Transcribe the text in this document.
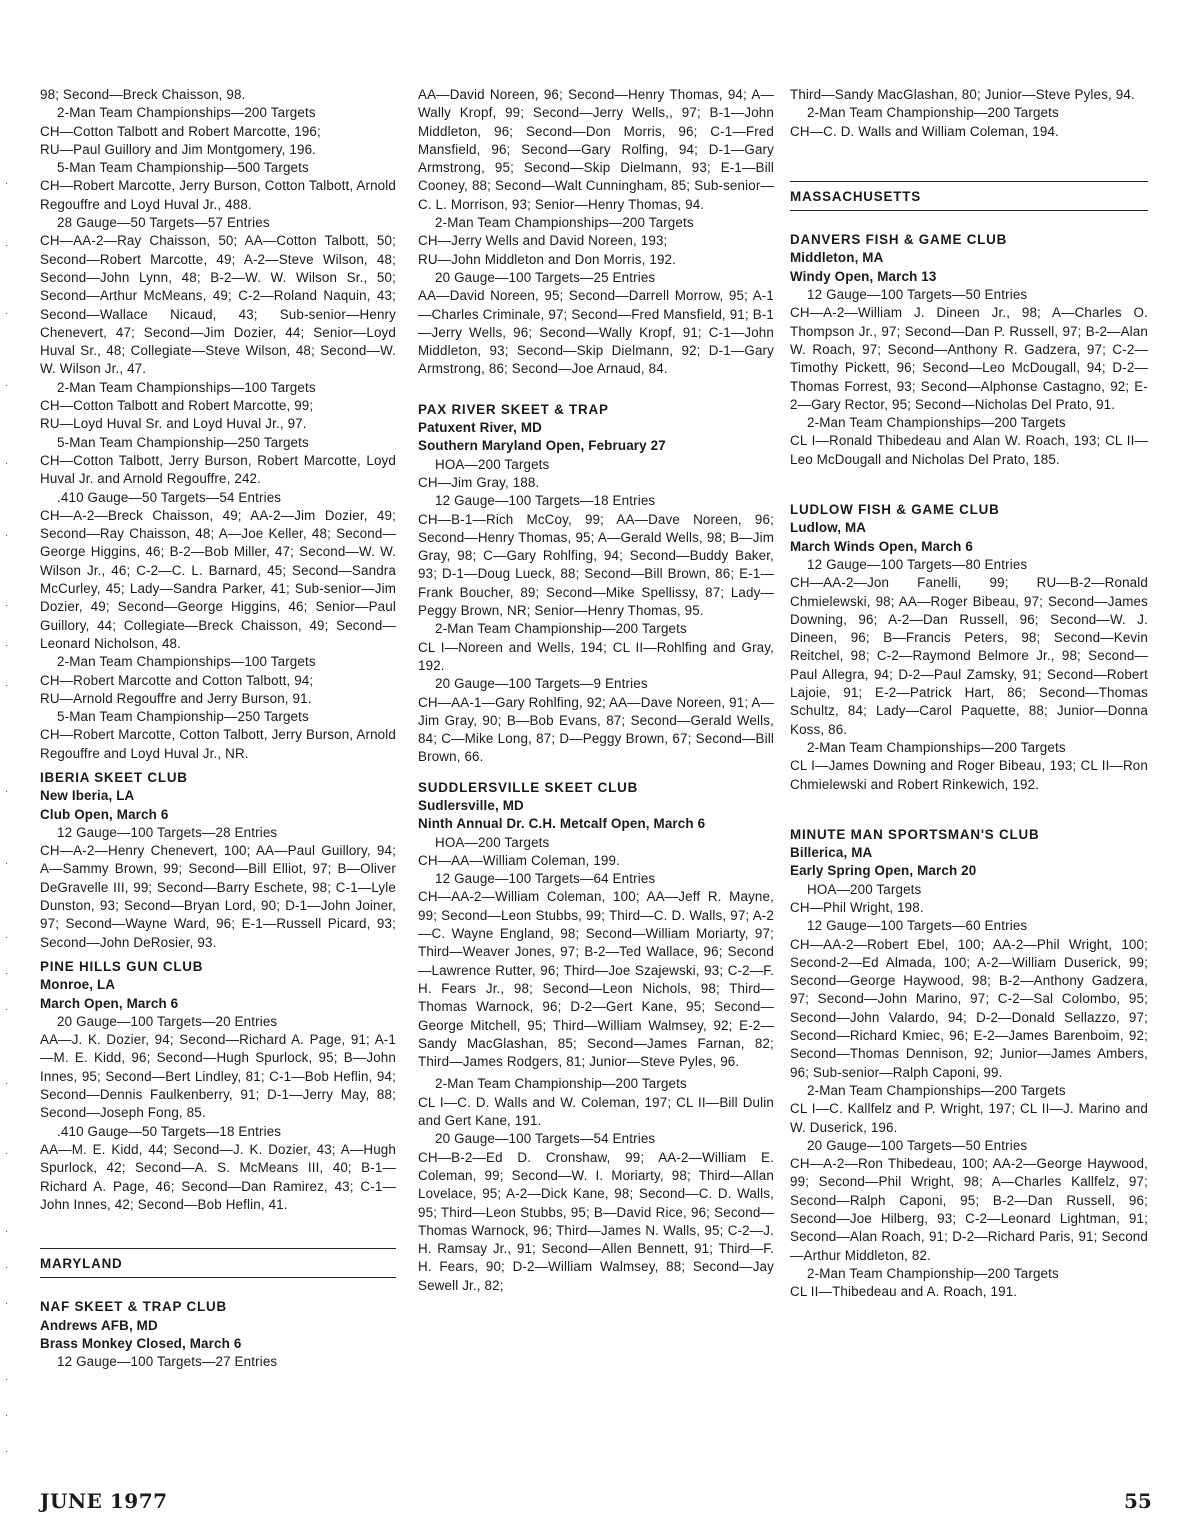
98; Second—Breck Chaisson, 98.
2-Man Team Championships—200 Targets
CH—Cotton Talbott and Robert Marcotte, 196;
RU—Paul Guillory and Jim Montgomery, 196.
5-Man Team Championship—500 Targets
CH—Robert Marcotte, Jerry Burson, Cotton Talbott, Arnold Regouffre and Loyd Huval Jr., 488.
28 Gauge—50 Targets—57 Entries
CH—AA-2—Ray Chaisson, 50; AA—Cotton Talbott, 50; Second—Robert Marcotte, 49; A-2—Steve Wilson, 48; Second—John Lynn, 48; B-2—W. W. Wilson Sr., 50; Second—Arthur McMeans, 49; C-2—Roland Naquin, 43; Second—Wallace Nicaud, 43; Sub-senior—Henry Chenevert, 47; Second—Jim Dozier, 44; Senior—Loyd Huval Sr., 48; Collegiate—Steve Wilson, 48; Second—W. W. Wilson Jr., 47.
2-Man Team Championships—100 Targets
CH—Cotton Talbott and Robert Marcotte, 99;
RU—Loyd Huval Sr. and Loyd Huval Jr., 97.
5-Man Team Championship—250 Targets
CH—Cotton Talbott, Jerry Burson, Robert Marcotte, Loyd Huval Jr. and Arnold Regouffre, 242.
.410 Gauge—50 Targets—54 Entries
CH—A-2—Breck Chaisson, 49; AA-2—Jim Dozier, 49; Second—Ray Chaisson, 48; A—Joe Keller, 48; Second—George Higgins, 46; B-2—Bob Miller, 47; Second—W. W. Wilson Jr., 46; C-2—C. L. Barnard, 45; Second—Sandra McCurley, 45; Lady—Sandra Parker, 41; Sub-senior—Jim Dozier, 49; Second—George Higgins, 46; Senior—Paul Guillory, 44; Collegiate—Breck Chaisson, 49; Second—Leonard Nicholson, 48.
2-Man Team Championships—100 Targets
CH—Robert Marcotte and Cotton Talbott, 94;
RU—Arnold Regouffre and Jerry Burson, 91.
5-Man Team Championship—250 Targets
CH—Robert Marcotte, Cotton Talbott, Jerry Burson, Arnold Regouffre and Loyd Huval Jr., NR.
IBERIA SKEET CLUB
New Iberia, LA
Club Open, March 6
12 Gauge—100 Targets—28 Entries
CH—A-2—Henry Chenevert, 100; AA—Paul Guillory, 94; A—Sammy Brown, 99; Second—Bill Elliot, 97; B—Oliver DeGravelle III, 99; Second—Barry Eschete, 98; C-1—Lyle Dunston, 93; Second—Bryan Lord, 90; D-1—John Joiner, 97; Second—Wayne Ward, 96; E-1—Russell Picard, 93; Second—John DeRosier, 93.
PINE HILLS GUN CLUB
Monroe, LA
March Open, March 6
20 Gauge—100 Targets—20 Entries
AA—J. K. Dozier, 94; Second—Richard A. Page, 91; A-1—M. E. Kidd, 96; Second—Hugh Spurlock, 95; B—John Innes, 95; Second—Bert Lindley, 81; C-1—Bob Heflin, 94; Second—Dennis Faulkenberry, 91; D-1—Jerry May, 88; Second—Joseph Fong, 85.
.410 Gauge—50 Targets—18 Entries
AA—M. E. Kidd, 44; Second—J. K. Dozier, 43; A—Hugh Spurlock, 42; Second—A. S. McMeans III, 40; B-1—Richard A. Page, 46; Second—Dan Ramirez, 43; C-1—John Innes, 42; Second—Bob Heflin, 41.
MARYLAND
NAF SKEET & TRAP CLUB
Andrews AFB, MD
Brass Monkey Closed, March 6
12 Gauge—100 Targets—27 Entries
AA—David Noreen, 96; Second—Henry Thomas, 94; A—Wally Kropf, 99; Second—Jerry Wells,, 97; B-1—John Middleton, 96; Second—Don Morris, 96; C-1—Fred Mansfield, 96; Second—Gary Rolfing, 94; D-1—Gary Armstrong, 95; Second—Skip Dielmann, 93; E-1—Bill Cooney, 88; Second—Walt Cunningham, 85; Sub-senior—C. L. Morrison, 93; Senior—Henry Thomas, 94.
2-Man Team Championships—200 Targets
CH—Jerry Wells and David Noreen, 193;
RU—John Middleton and Don Morris, 192.
20 Gauge—100 Targets—25 Entries
AA—David Noreen, 95; Second—Darrell Morrow, 95; A-1—Charles Criminale, 97; Second—Fred Mansfield, 91; B-1—Jerry Wells, 96; Second—Wally Kropf, 91; C-1—John Middleton, 93; Second—Skip Dielmann, 92; D-1—Gary Armstrong, 86; Second—Joe Arnaud, 84.
PAX RIVER SKEET & TRAP
Patuxent River, MD
Southern Maryland Open, February 27
HOA—200 Targets
CH—Jim Gray, 188.
12 Gauge—100 Targets—18 Entries
CH—B-1—Rich McCoy, 99; AA—Dave Noreen, 96; Second—Henry Thomas, 95; A—Gerald Wells, 98; B—Jim Gray, 98; C—Gary Rohlfing, 94; Second—Buddy Baker, 93; D-1—Doug Lueck, 88; Second—Bill Brown, 86; E-1—Frank Boucher, 89; Second—Mike Spellissy, 87; Lady—Peggy Brown, NR; Senior—Henry Thomas, 95.
2-Man Team Championship—200 Targets
CL I—Noreen and Wells, 194; CL II—Rohlfing and Gray, 192.
20 Gauge—100 Targets—9 Entries
CH—AA-1—Gary Rohlfing, 92; AA—Dave Noreen, 91; A—Jim Gray, 90; B—Bob Evans, 87; Second—Gerald Wells, 84; C—Mike Long, 87; D—Peggy Brown, 67; Second—Bill Brown, 66.
SUDDLERSVILLE SKEET CLUB
Sudlersville, MD
Ninth Annual Dr. C.H. Metcalf Open, March 6
HOA—200 Targets
CH—AA—William Coleman, 199.
12 Gauge—100 Targets—64 Entries
CH—AA-2—William Coleman, 100; AA—Jeff R. Mayne, 99; Second—Leon Stubbs, 99; Third—C. D. Walls, 97; A-2—C. Wayne England, 98; Second—William Moriarty, 97; Third—Weaver Jones, 97; B-2—Ted Wallace, 96; Second—Lawrence Rutter, 96; Third—Joe Szajewski, 93; C-2—F. H. Fears Jr., 98; Second—Leon Nichols, 98; Third—Thomas Warnock, 96; D-2—Gert Kane, 95; Second—George Mitchell, 95; Third—William Walmsey, 92; E-2—Sandy MacGlashan, 85; Second—James Farnan, 82; Third—James Rodgers, 81; Junior—Steve Pyles, 96.
2-Man Team Championship—200 Targets
CL I—C. D. Walls and W. Coleman, 197; CL II—Bill Dulin and Gert Kane, 191.
20 Gauge—100 Targets—54 Entries
CH—B-2—Ed D. Cronshaw, 99; AA-2—William E. Coleman, 99; Second—W. I. Moriarty, 98; Third—Allan Lovelace, 95; A-2—Dick Kane, 98; Second—C. D. Walls, 95; Third—Leon Stubbs, 95; B—David Rice, 96; Second—Thomas Warnock, 96; Third—James N. Walls, 95; C-2—J. H. Ramsay Jr., 91; Second—Allen Bennett, 91; Third—F. H. Fears, 90; D-2—William Walmsey, 88; Second—Jay Sewell Jr., 82;
Third—Sandy MacGlashan, 80; Junior—Steve Pyles, 94.
2-Man Team Championship—200 Targets
CH—C. D. Walls and William Coleman, 194.
MASSACHUSETTS
DANVERS FISH & GAME CLUB
Middleton, MA
Windy Open, March 13
12 Gauge—100 Targets—50 Entries
CH—A-2—William J. Dineen Jr., 98; A—Charles O. Thompson Jr., 97; Second—Dan P. Russell, 97; B-2—Alan W. Roach, 97; Second—Anthony R. Gadzera, 97; C-2—Timothy Pickett, 96; Second—Leo McDougall, 94; D-2—Thomas Forrest, 93; Second—Alphonse Castagno, 92; E-2—Gary Rector, 95; Second—Nicholas Del Prato, 91.
2-Man Team Championships—200 Targets
CL I—Ronald Thibedeau and Alan W. Roach, 193; CL II—Leo McDougall and Nicholas Del Prato, 185.
LUDLOW FISH & GAME CLUB
Ludlow, MA
March Winds Open, March 6
12 Gauge—100 Targets—80 Entries
CH—AA-2—Jon Fanelli, 99; RU—B-2—Ronald Chmielewski, 98; AA—Roger Bibeau, 97; Second—James Downing, 96; A-2—Dan Russell, 96; Second—W. J. Dineen, 96; B—Francis Peters, 98; Second—Kevin Reitchel, 98; C-2—Raymond Belmore Jr., 98; Second—Paul Allegra, 94; D-2—Paul Zamsky, 91; Second—Robert Lajoie, 91; E-2—Patrick Hart, 86; Second—Thomas Schultz, 84; Lady—Carol Paquette, 88; Junior—Donna Koss, 86.
2-Man Team Championships—200 Targets
CL I—James Downing and Roger Bibeau, 193; CL II—Ron Chmielewski and Robert Rinkewich, 192.
MINUTE MAN SPORTSMAN'S CLUB
Billerica, MA
Early Spring Open, March 20
HOA—200 Targets
CH—Phil Wright, 198.
12 Gauge—100 Targets—60 Entries
CH—AA-2—Robert Ebel, 100; AA-2—Phil Wright, 100; Second-2—Ed Almada, 100; A-2—William Duserick, 99; Second—George Haywood, 98; B-2—Anthony Gadzera, 97; Second—John Marino, 97; C-2—Sal Colombo, 95; Second—John Valardo, 94; D-2—Donald Sellazzo, 97; Second—Richard Kmiec, 96; E-2—James Barenboim, 92; Second—Thomas Dennison, 92; Junior—James Ambers, 96; Sub-senior—Ralph Caponi, 99.
2-Man Team Championships—200 Targets
CL I—C. Kallfelz and P. Wright, 197; CL II—J. Marino and W. Duserick, 196.
20 Gauge—100 Targets—50 Entries
CH—A-2—Ron Thibedeau, 100; AA-2—George Haywood, 99; Second—Phil Wright, 98; A—Charles Kallfelz, 97; Second—Ralph Caponi, 95; B-2—Dan Russell, 96; Second—Joe Hilberg, 93; C-2—Leonard Lightman, 91; Second—Alan Roach, 91; D-2—Richard Paris, 91; Second—Arthur Middleton, 82.
2-Man Team Championship—200 Targets
CL II—Thibedeau and A. Roach, 191.
·
·
·
·
·
·
·
·
·
·
·
·
·
·
·
·
·
·
·
·
·
·
JUNE 1977	55
